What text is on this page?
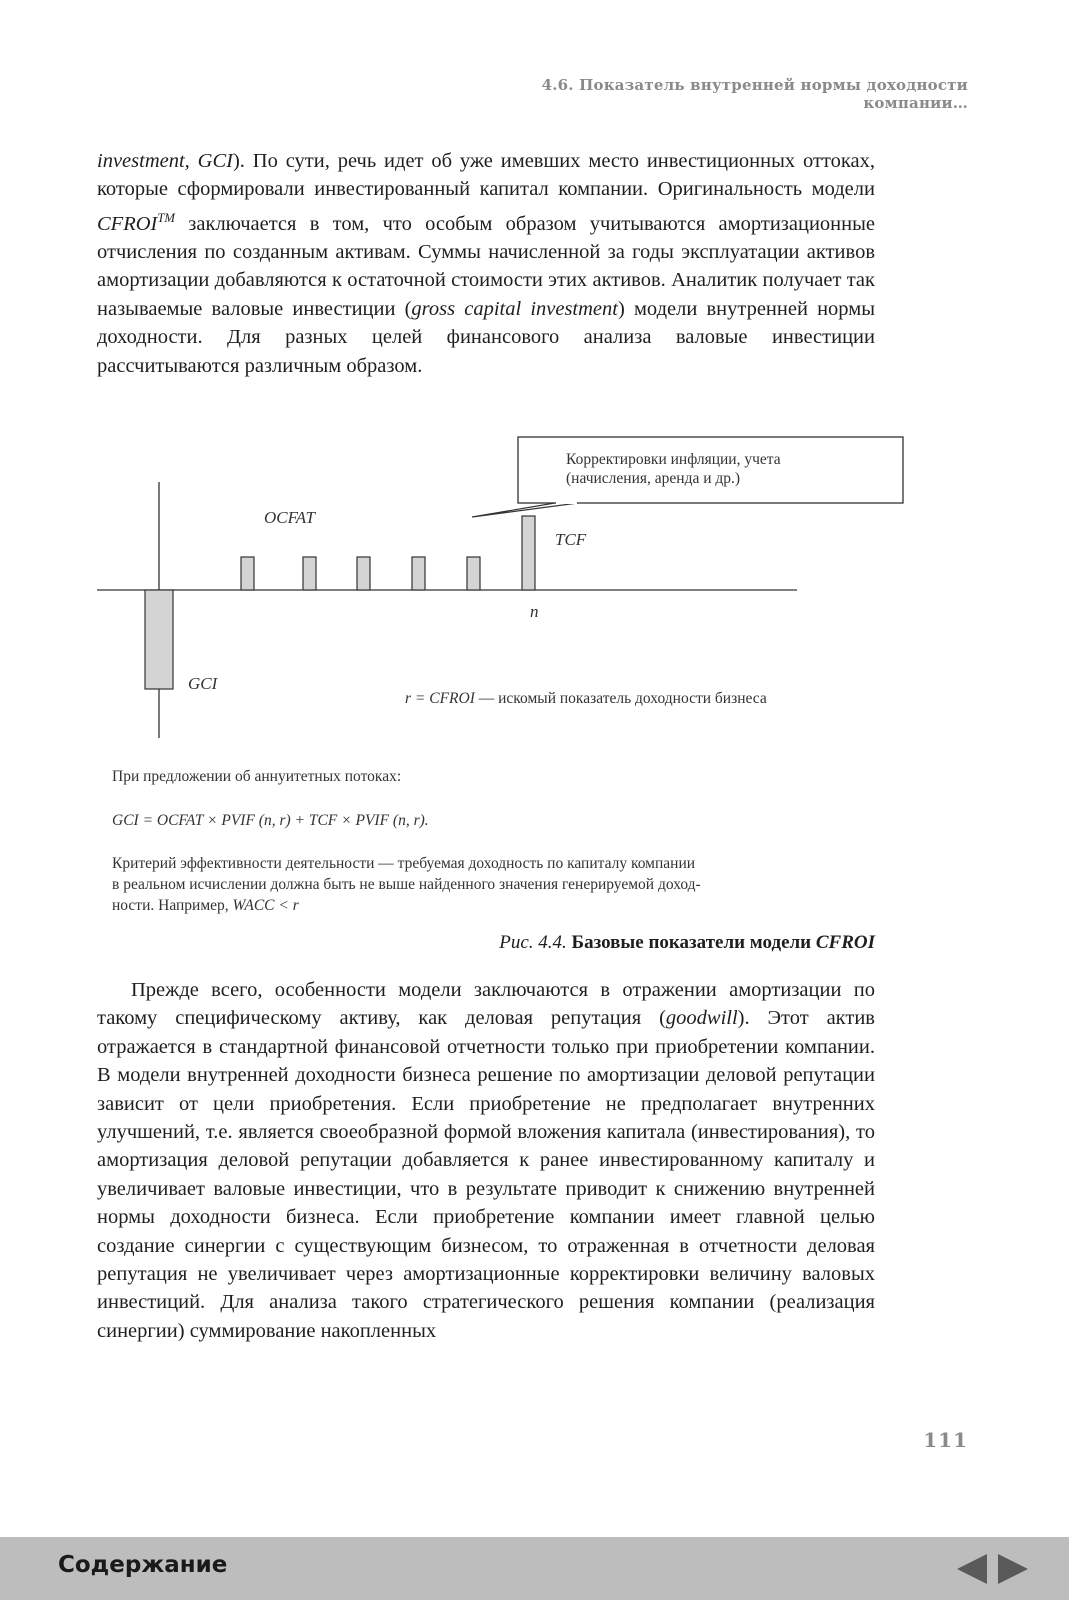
4.6. Показатель внутренней нормы доходности компании…

investment, GCI). По сути, речь идет об уже имевших место инвестиционных оттоках, которые сформировали инвестированный капитал компании. Оригинальность модели CFROI™ заключается в том, что особым образом учитываются амортизационные отчисления по созданным активам. Суммы начисленной за годы эксплуатации активов амортизации добавляются к остаточной стоимости этих активов. Аналитик получает так называемые валовые инвестиции (gross capital investment) модели внутренней нормы доходности. Для разных целей финансового анализа валовые инвестиции рассчитываются различным образом.

Корректировки инфляции, учета
(начисления, аренда и др.)
OCFAT
TCF
n
GCI
r = CFROI — искомый показатель доходности бизнеса
При предложении об аннуитетных потоках:
GCI = OCFAT × PVIF (n, r) + TCF × PVIF (n, r).
Критерий эффективности деятельности — требуемая доходность по капиталу компании
в реальном исчислении должна быть не выше найденного значения генерируемой доход-
ности. Например, WACC < r
Рис. 4.4. Базовые показатели модели CFROI

Прежде всего, особенности модели заключаются в отражении амортизации по такому специфическому активу, как деловая репутация (goodwill). Этот актив отражается в стандартной финансовой отчетности только при приобретении компании. В модели внутренней доходности бизнеса решение по амортизации деловой репутации зависит от цели приобретения. Если приобретение не предполагает внутренних улучшений, т.е. является своеобразной формой вложения капитала (инвестирования), то амортизация деловой репутации добавляется к ранее инвестированному капиталу и увеличивает валовые инвестиции, что в результате приводит к снижению внутренней нормы доходности бизнеса. Если приобретение компании имеет главной целью создание синергии с существующим бизнесом, то отраженная в отчетности деловая репутация не увеличивает через амортизационные корректировки величину валовых инвестиций. Для анализа такого стратегического решения компании (реализация синергии) суммирование накопленных

111
Содержание
